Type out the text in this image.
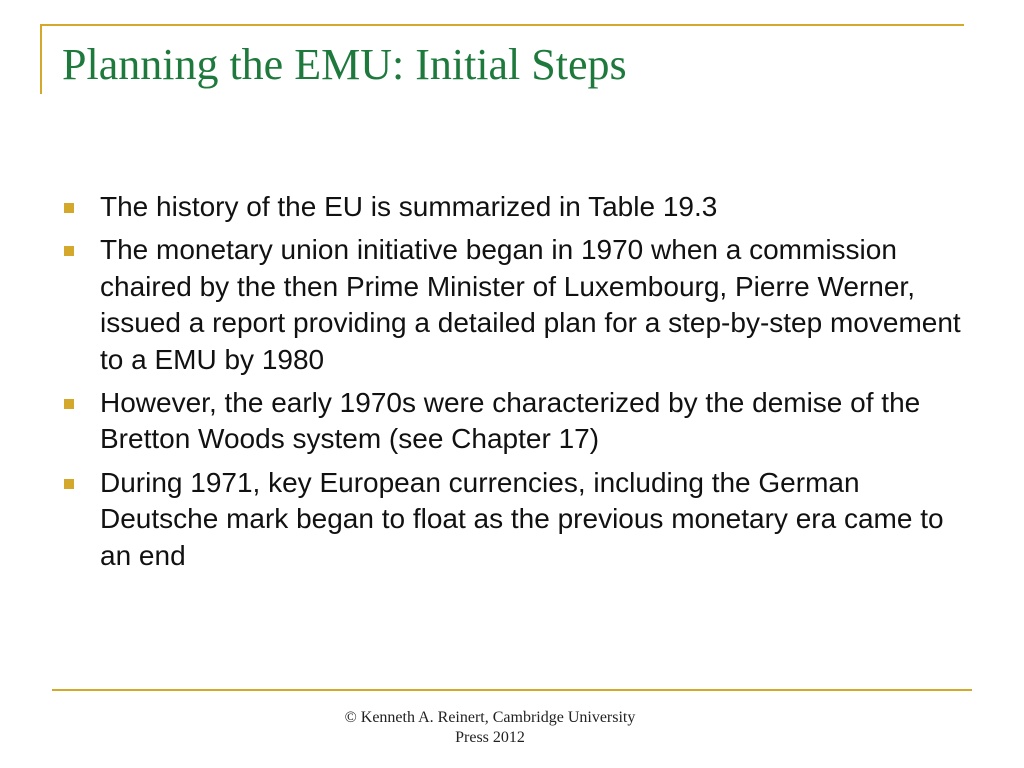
Planning the EMU: Initial Steps
The history of the EU is summarized in Table 19.3
The monetary union initiative began in 1970 when a commission chaired by the then Prime Minister of Luxembourg, Pierre Werner, issued a report providing a detailed plan for a step-by-step movement to a EMU by 1980
However, the early 1970s were characterized by the demise of the Bretton Woods system (see Chapter 17)
During 1971, key European currencies, including the German Deutsche mark began to float as the previous monetary era came to an end
© Kenneth A. Reinert, Cambridge University
Press 2012
